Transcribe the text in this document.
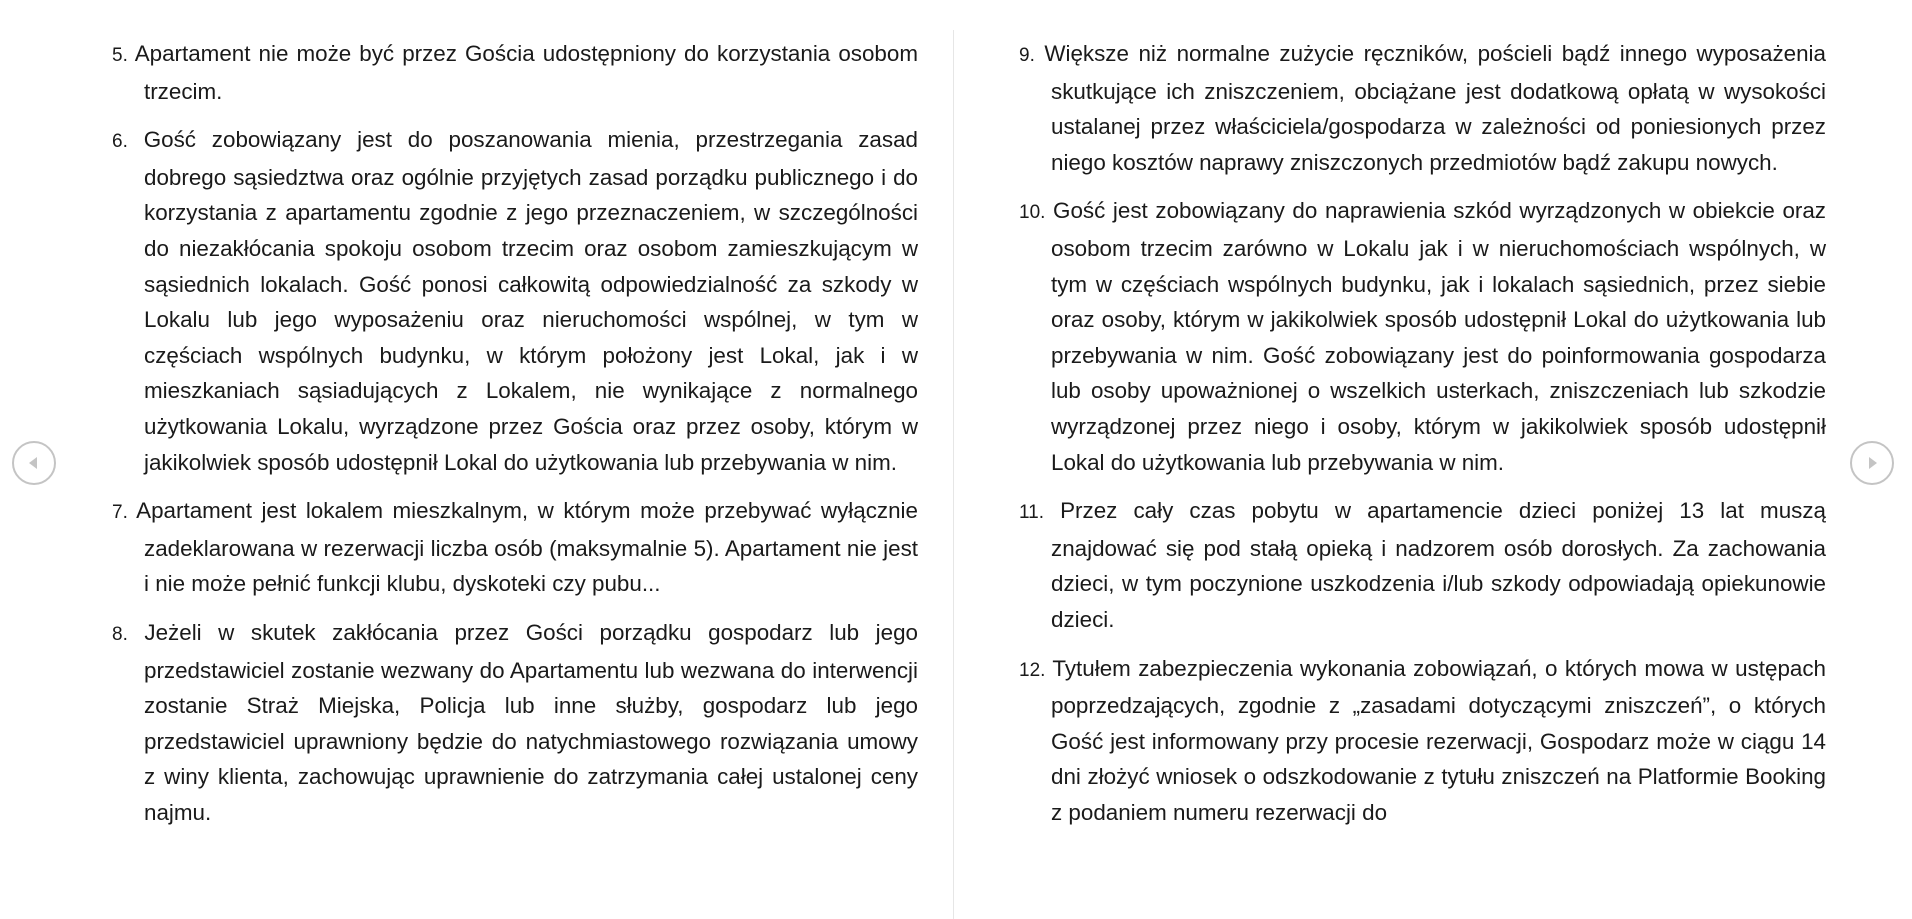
5. Apartament nie może być przez Gościa udostępniony do korzystania osobom trzecim.

6. Gość zobowiązany jest do poszanowania mienia, przestrzegania zasad dobrego sąsiedztwa oraz ogólnie przyjętych zasad porządku publicznego i do korzystania z apartamentu zgodnie z jego przeznaczeniem, w szczególności do niezakłócania spokoju osobom trzecim oraz osobom zamieszkującym w sąsiednich lokalach. Gość ponosi całkowitą odpowiedzialność za szkody w Lokalu lub jego wyposażeniu oraz nieruchomości wspólnej, w tym w częściach wspólnych budynku, w którym położony jest Lokal, jak i w mieszkaniach sąsiadujących z Lokalem, nie wynikające z normalnego użytkowania Lokalu, wyrządzone przez Gościa oraz przez osoby, którym w jakikolwiek sposób udostępnił Lokal do użytkowania lub przebywania w nim.

7. Apartament jest lokalem mieszkalnym, w którym może przebywać wyłącznie zadeklarowana w rezerwacji liczba osób (maksymalnie 5). Apartament nie jest i nie może pełnić funkcji klubu, dyskoteki czy pubu...

8. Jeżeli w skutek zakłócania przez Gości porządku gospodarz lub jego przedstawiciel zostanie wezwany do Apartamentu lub wezwana do interwencji zostanie Straż Miejska, Policja lub inne służby, gospodarz lub jego przedstawiciel uprawniony będzie do natychmiastowego rozwiązania umowy z winy klienta, zachowując uprawnienie do zatrzymania całej ustalonej ceny najmu.

9. Większe niż normalne zużycie ręczników, pościeli bądź innego wyposażenia skutkujące ich zniszczeniem, obciążane jest dodatkową opłatą w wysokości ustalanej przez właściciela/gospodarza w zależności od poniesionych przez niego kosztów naprawy zniszczonych przedmiotów bądź zakupu nowych.

10. Gość jest zobowiązany do naprawienia szkód wyrządzonych w obiekcie oraz osobom trzecim zarówno w Lokalu jak i w nieruchomościach wspólnych, w tym w częściach wspólnych budynku, jak i lokalach sąsiednich, przez siebie oraz osoby, którym w jakikolwiek sposób udostępnił Lokal do użytkowania lub przebywania w nim. Gość zobowiązany jest do poinformowania gospodarza lub osoby upoważnionej o wszelkich usterkach, zniszczeniach lub szkodzie wyrządzonej przez niego i osoby, którym w jakikolwiek sposób udostępnił Lokal do użytkowania lub przebywania w nim.

11. Przez cały czas pobytu w apartamencie dzieci poniżej 13 lat muszą znajdować się pod stałą opieką i nadzorem osób dorosłych. Za zachowania dzieci, w tym poczynione uszkodzenia i/lub szkody odpowiadają opiekunowie dzieci.

12. Tytułem zabezpieczenia wykonania zobowiązań, o których mowa w ustępach poprzedzających, zgodnie z „zasadami dotyczącymi zniszczeń”, o których Gość jest informowany przy procesie rezerwacji, Gospodarz może w ciągu 14 dni złożyć wniosek o odszkodowanie z tytułu zniszczeń na Platformie Booking z podaniem numeru rezerwacji do
